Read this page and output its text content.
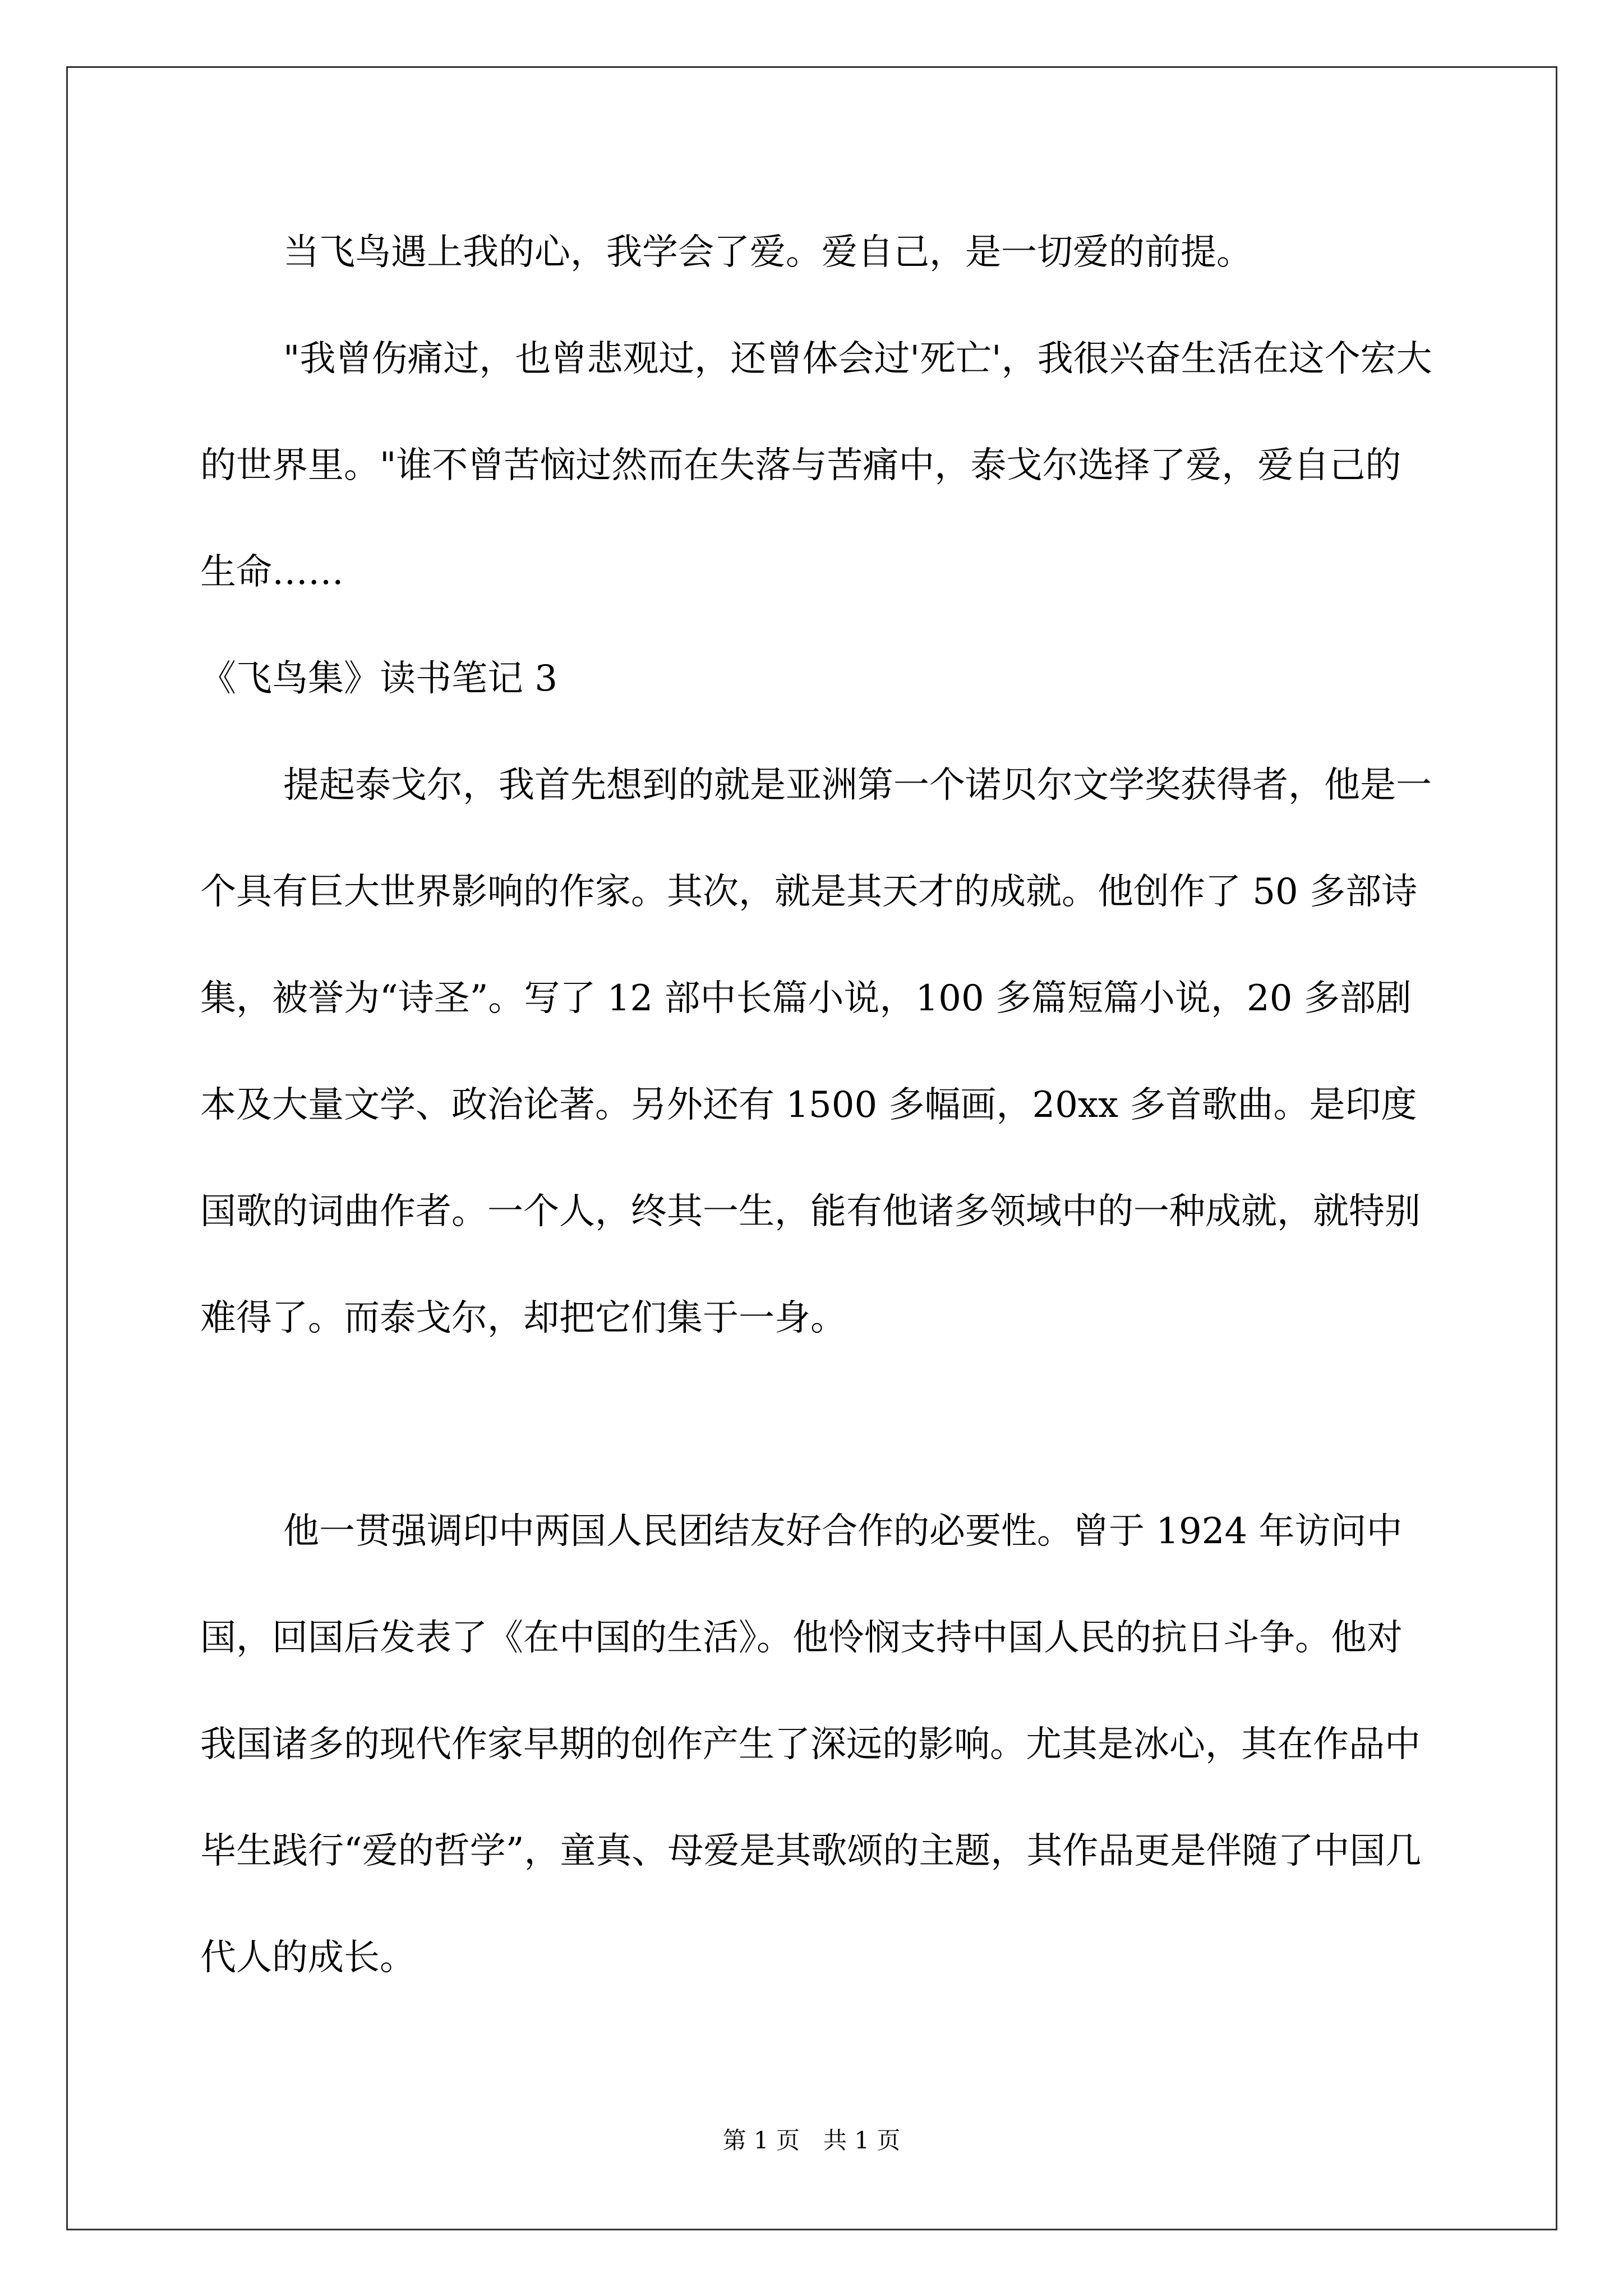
当飞鸟遇上我的心，我学会了爱。爱自己，是一切爱的前提。

"我曾伤痛过，也曾悲观过，还曾体会过'死亡'，我很兴奋生活在这个宏大的世界里。"谁不曾苦恼过然而在失落与苦痛中，泰戈尔选择了爱，爱自己的生命……

《飞鸟集》读书笔记 3

提起泰戈尔，我首先想到的就是亚洲第一个诺贝尔文学奖获得者，他是一个具有巨大世界影响的作家。其次，就是其天才的成就。他创作了 50 多部诗集，被誉为“诗圣”。写了 12 部中长篇小说，100 多篇短篇小说，20 多部剧本及大量文学、政治论著。另外还有 1500 多幅画，20xx 多首歌曲。是印度国歌的词曲作者。一个人，终其一生，能有他诸多领域中的一种成就，就特别难得了。而泰戈尔，却把它们集于一身。

他一贯强调印中两国人民团结友好合作的必要性。曾于 1924 年访问中国，回国后发表了《在中国的生活》。他怜悯支持中国人民的抗日斗争。他对我国诸多的现代作家早期的创作产生了深远的影响。尤其是冰心，其在作品中毕生践行“爱的哲学”，童真、母爱是其歌颂的主题，其作品更是伴随了中国几代人的成长。

第 1 页　共 1 页
